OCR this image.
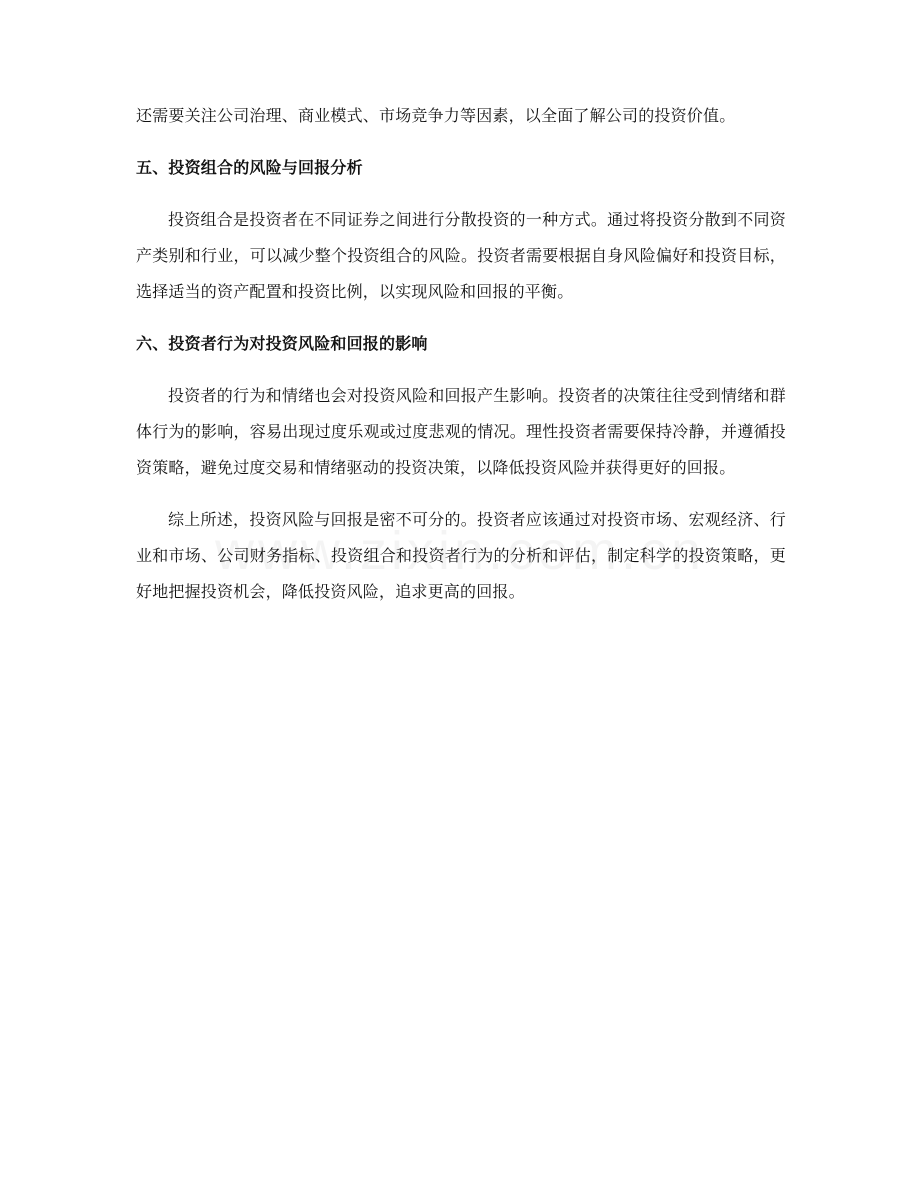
还需要关注公司治理、商业模式、市场竞争力等因素，以全面了解公司的投资价值。

五、投资组合的风险与回报分析

投资组合是投资者在不同证券之间进行分散投资的一种方式。通过将投资分散到不同资产类别和行业，可以减少整个投资组合的风险。投资者需要根据自身风险偏好和投资目标，选择适当的资产配置和投资比例，以实现风险和回报的平衡。

六、投资者行为对投资风险和回报的影响

投资者的行为和情绪也会对投资风险和回报产生影响。投资者的决策往往受到情绪和群体行为的影响，容易出现过度乐观或过度悲观的情况。理性投资者需要保持冷静，并遵循投资策略，避免过度交易和情绪驱动的投资决策，以降低投资风险并获得更好的回报。

综上所述，投资风险与回报是密不可分的。投资者应该通过对投资市场、宏观经济、行业和市场、公司财务指标、投资组合和投资者行为的分析和评估，制定科学的投资策略，更好地把握投资机会，降低投资风险，追求更高的回报。
